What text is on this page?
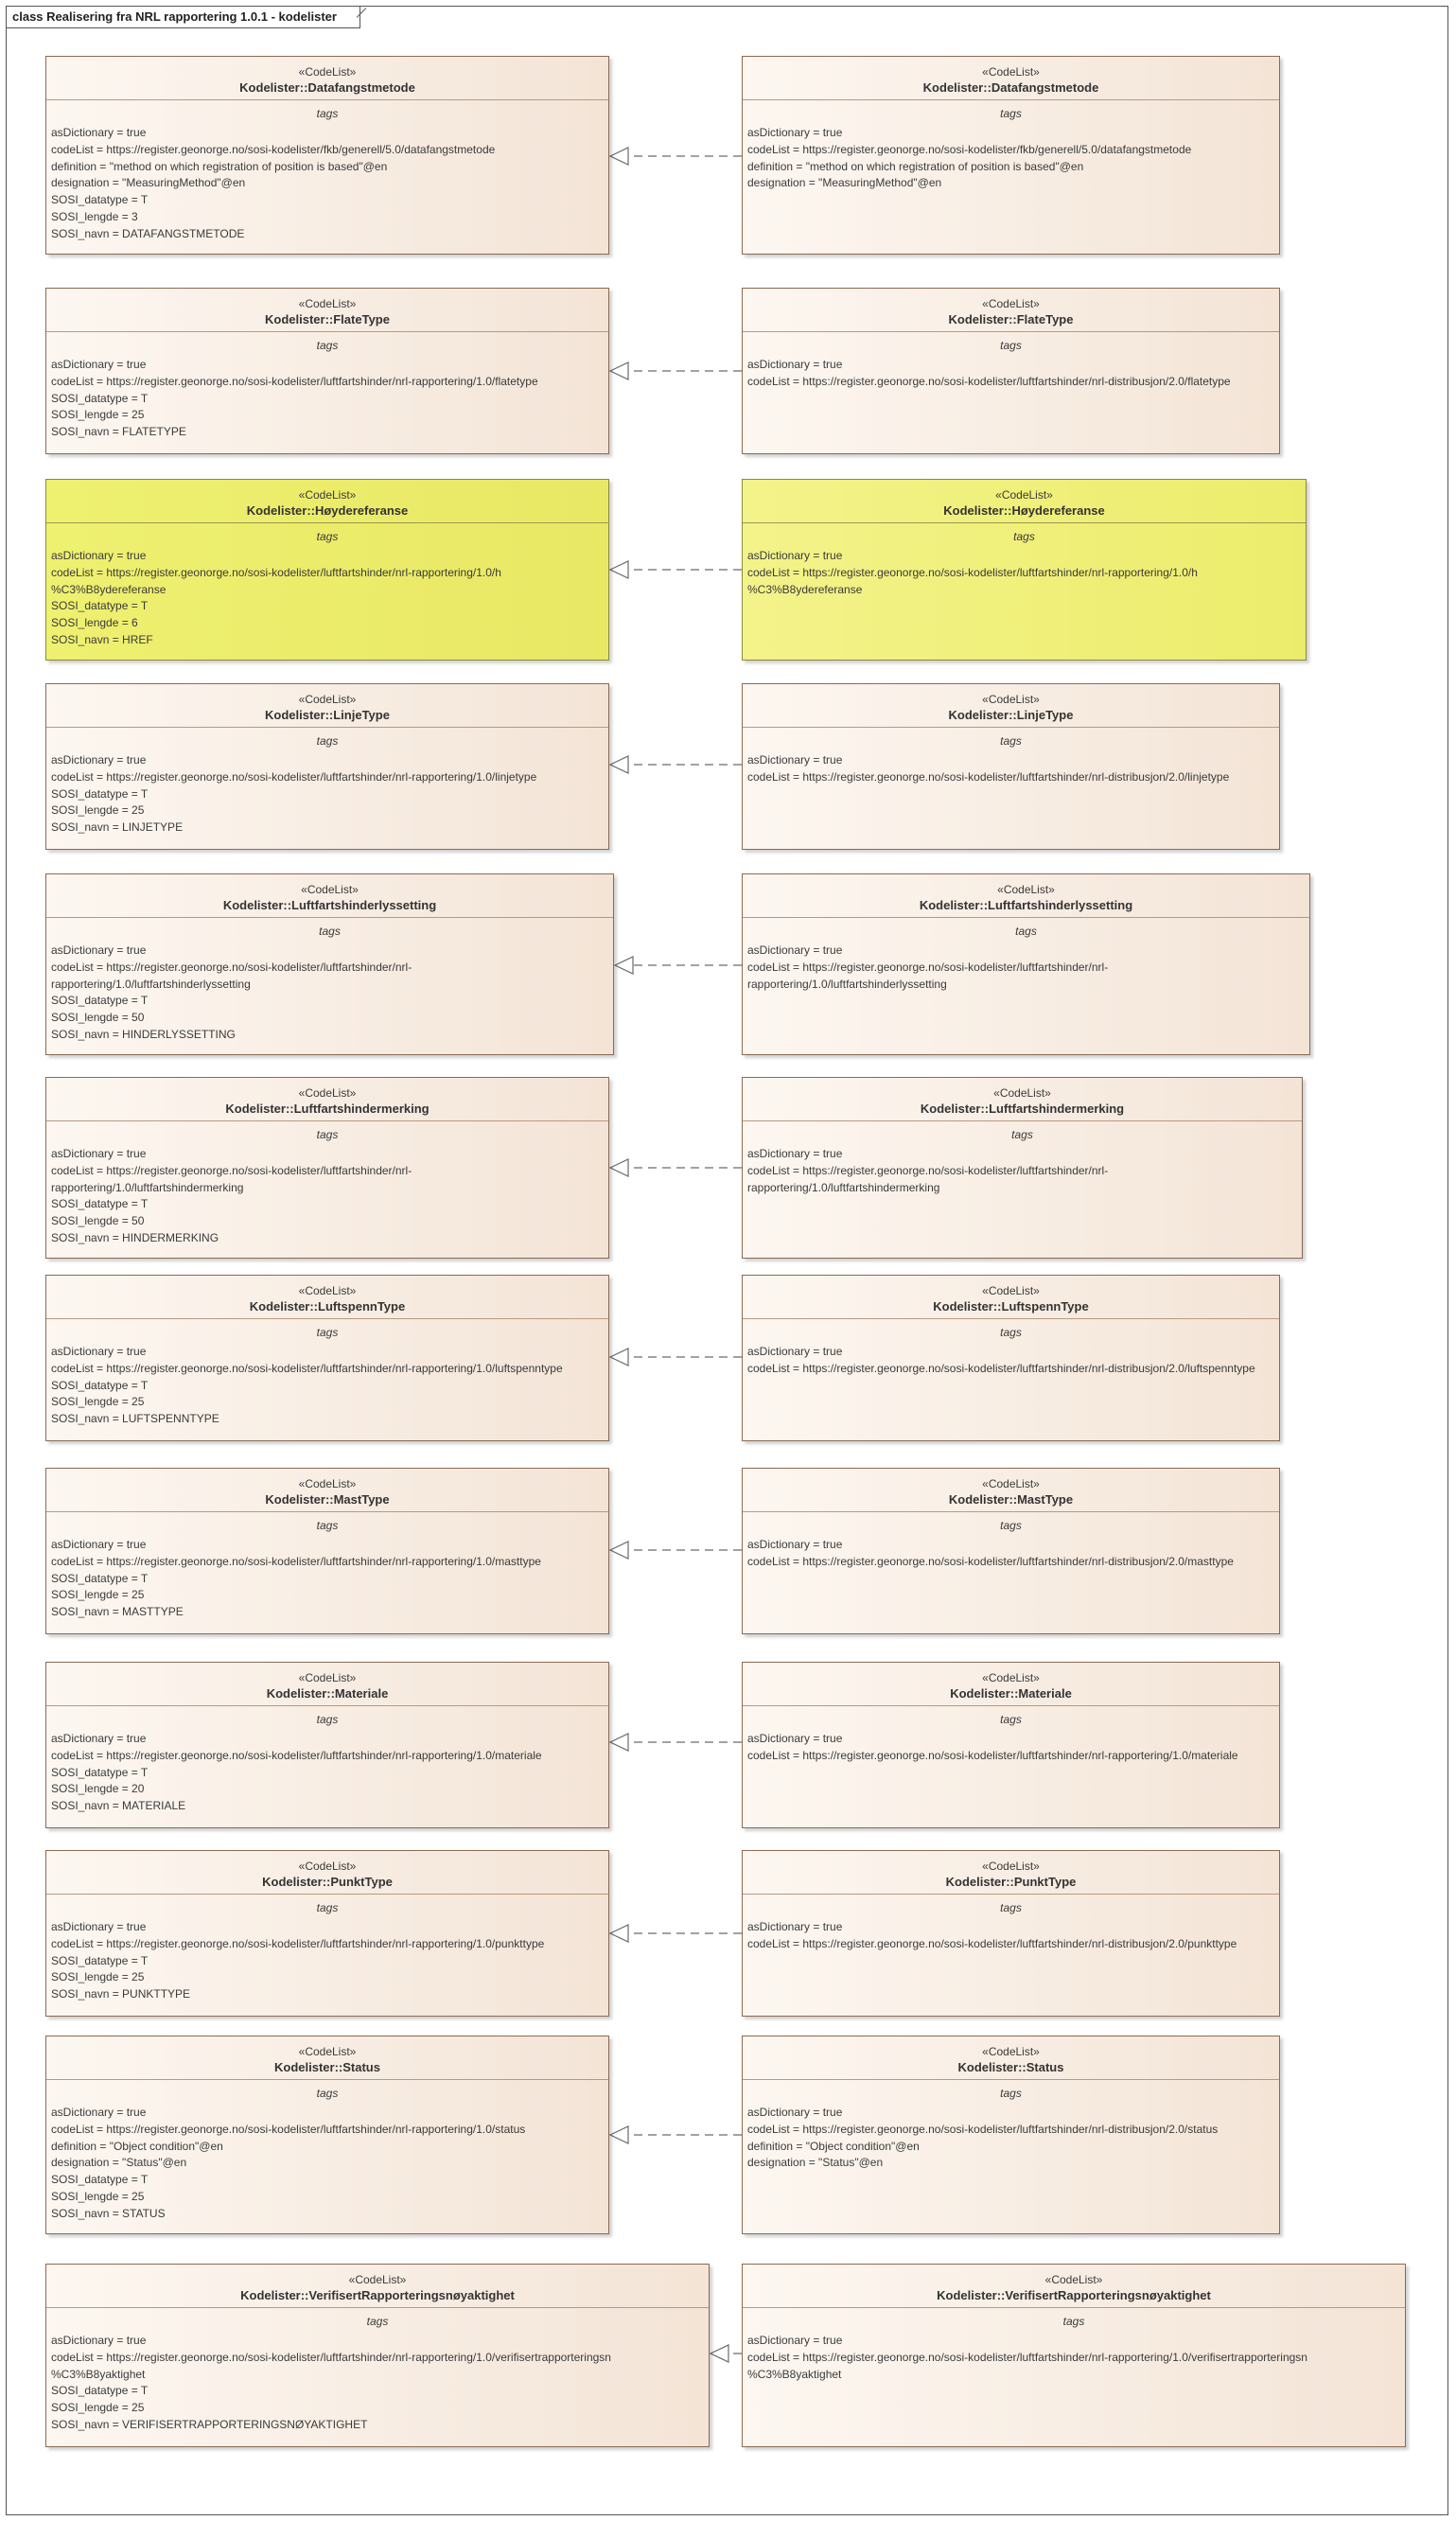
class Realisering fra NRL rapportering 1.0.1 - kodelister
«CodeList»
Kodelister::Datafangstmetode
tags
asDictionary = true
codeList = https://register.geonorge.no/sosi-kodelister/fkb/generell/5.0/datafangstmetode
definition = "method on which registration of position is based"@en
designation = "MeasuringMethod"@en
SOSI_datatype = T
SOSI_lengde = 3
SOSI_navn = DATAFANGSTMETODE
«CodeList»
Kodelister::Datafangstmetode
tags
asDictionary = true
codeList = https://register.geonorge.no/sosi-kodelister/fkb/generell/5.0/datafangstmetode
definition = "method on which registration of position is based"@en
designation = "MeasuringMethod"@en
«CodeList»
Kodelister::FlateType
tags
asDictionary = true
codeList = https://register.geonorge.no/sosi-kodelister/luftfartshinder/nrl-rapportering/1.0/flatetype
SOSI_datatype = T
SOSI_lengde = 25
SOSI_navn = FLATETYPE
«CodeList»
Kodelister::FlateType
tags
asDictionary = true
codeList = https://register.geonorge.no/sosi-kodelister/luftfartshinder/nrl-distribusjon/2.0/flatetype
«CodeList»
Kodelister::Høydereferanse
tags
asDictionary = true
codeList = https://register.geonorge.no/sosi-kodelister/luftfartshinder/nrl-rapportering/1.0/h
%C3%B8ydereferanse
SOSI_datatype = T
SOSI_lengde = 6
SOSI_navn = HREF
«CodeList»
Kodelister::Høydereferanse
tags
asDictionary = true
codeList = https://register.geonorge.no/sosi-kodelister/luftfartshinder/nrl-rapportering/1.0/h
%C3%B8ydereferanse
«CodeList»
Kodelister::LinjeType
tags
asDictionary = true
codeList = https://register.geonorge.no/sosi-kodelister/luftfartshinder/nrl-rapportering/1.0/linjetype
SOSI_datatype = T
SOSI_lengde = 25
SOSI_navn = LINJETYPE
«CodeList»
Kodelister::LinjeType
tags
asDictionary = true
codeList = https://register.geonorge.no/sosi-kodelister/luftfartshinder/nrl-distribusjon/2.0/linjetype
«CodeList»
Kodelister::Luftfartshinderlyssetting
tags
asDictionary = true
codeList = https://register.geonorge.no/sosi-kodelister/luftfartshinder/nrl-
rapportering/1.0/luftfartshinderlyssetting
SOSI_datatype = T
SOSI_lengde = 50
SOSI_navn = HINDERLYSSETTING
«CodeList»
Kodelister::Luftfartshinderlyssetting
tags
asDictionary = true
codeList = https://register.geonorge.no/sosi-kodelister/luftfartshinder/nrl-
rapportering/1.0/luftfartshinderlyssetting
«CodeList»
Kodelister::Luftfartshindermerking
tags
asDictionary = true
codeList = https://register.geonorge.no/sosi-kodelister/luftfartshinder/nrl-
rapportering/1.0/luftfartshindermerking
SOSI_datatype = T
SOSI_lengde = 50
SOSI_navn = HINDERMERKING
«CodeList»
Kodelister::Luftfartshindermerking
tags
asDictionary = true
codeList = https://register.geonorge.no/sosi-kodelister/luftfartshinder/nrl-
rapportering/1.0/luftfartshindermerking
«CodeList»
Kodelister::LuftspennType
tags
asDictionary = true
codeList = https://register.geonorge.no/sosi-kodelister/luftfartshinder/nrl-rapportering/1.0/luftspenntype
SOSI_datatype = T
SOSI_lengde = 25
SOSI_navn = LUFTSPENNTYPE
«CodeList»
Kodelister::LuftspennType
tags
asDictionary = true
codeList = https://register.geonorge.no/sosi-kodelister/luftfartshinder/nrl-distribusjon/2.0/luftspenntype
«CodeList»
Kodelister::MastType
tags
asDictionary = true
codeList = https://register.geonorge.no/sosi-kodelister/luftfartshinder/nrl-rapportering/1.0/masttype
SOSI_datatype = T
SOSI_lengde = 25
SOSI_navn = MASTTYPE
«CodeList»
Kodelister::MastType
tags
asDictionary = true
codeList = https://register.geonorge.no/sosi-kodelister/luftfartshinder/nrl-distribusjon/2.0/masttype
«CodeList»
Kodelister::Materiale
tags
asDictionary = true
codeList = https://register.geonorge.no/sosi-kodelister/luftfartshinder/nrl-rapportering/1.0/materiale
SOSI_datatype = T
SOSI_lengde = 20
SOSI_navn = MATERIALE
«CodeList»
Kodelister::Materiale
tags
asDictionary = true
codeList = https://register.geonorge.no/sosi-kodelister/luftfartshinder/nrl-rapportering/1.0/materiale
«CodeList»
Kodelister::PunktType
tags
asDictionary = true
codeList = https://register.geonorge.no/sosi-kodelister/luftfartshinder/nrl-rapportering/1.0/punkttype
SOSI_datatype = T
SOSI_lengde = 25
SOSI_navn = PUNKTTYPE
«CodeList»
Kodelister::PunktType
tags
asDictionary = true
codeList = https://register.geonorge.no/sosi-kodelister/luftfartshinder/nrl-distribusjon/2.0/punkttype
«CodeList»
Kodelister::Status
tags
asDictionary = true
codeList = https://register.geonorge.no/sosi-kodelister/luftfartshinder/nrl-rapportering/1.0/status
definition = "Object condition"@en
designation = "Status"@en
SOSI_datatype = T
SOSI_lengde = 25
SOSI_navn = STATUS
«CodeList»
Kodelister::Status
tags
asDictionary = true
codeList = https://register.geonorge.no/sosi-kodelister/luftfartshinder/nrl-distribusjon/2.0/status
definition = "Object condition"@en
designation = "Status"@en
«CodeList»
Kodelister::VerifisertRapporteringsnøyaktighet
tags
asDictionary = true
codeList = https://register.geonorge.no/sosi-kodelister/luftfartshinder/nrl-rapportering/1.0/verifisertrapporteringsn
%C3%B8yaktighet
SOSI_datatype = T
SOSI_lengde = 25
SOSI_navn = VERIFISERTRAPPORTERINGSNØYAKTIGHET
«CodeList»
Kodelister::VerifisertRapporteringsnøyaktighet
tags
asDictionary = true
codeList = https://register.geonorge.no/sosi-kodelister/luftfartshinder/nrl-rapportering/1.0/verifisertrapporteringsn
%C3%B8yaktighet
